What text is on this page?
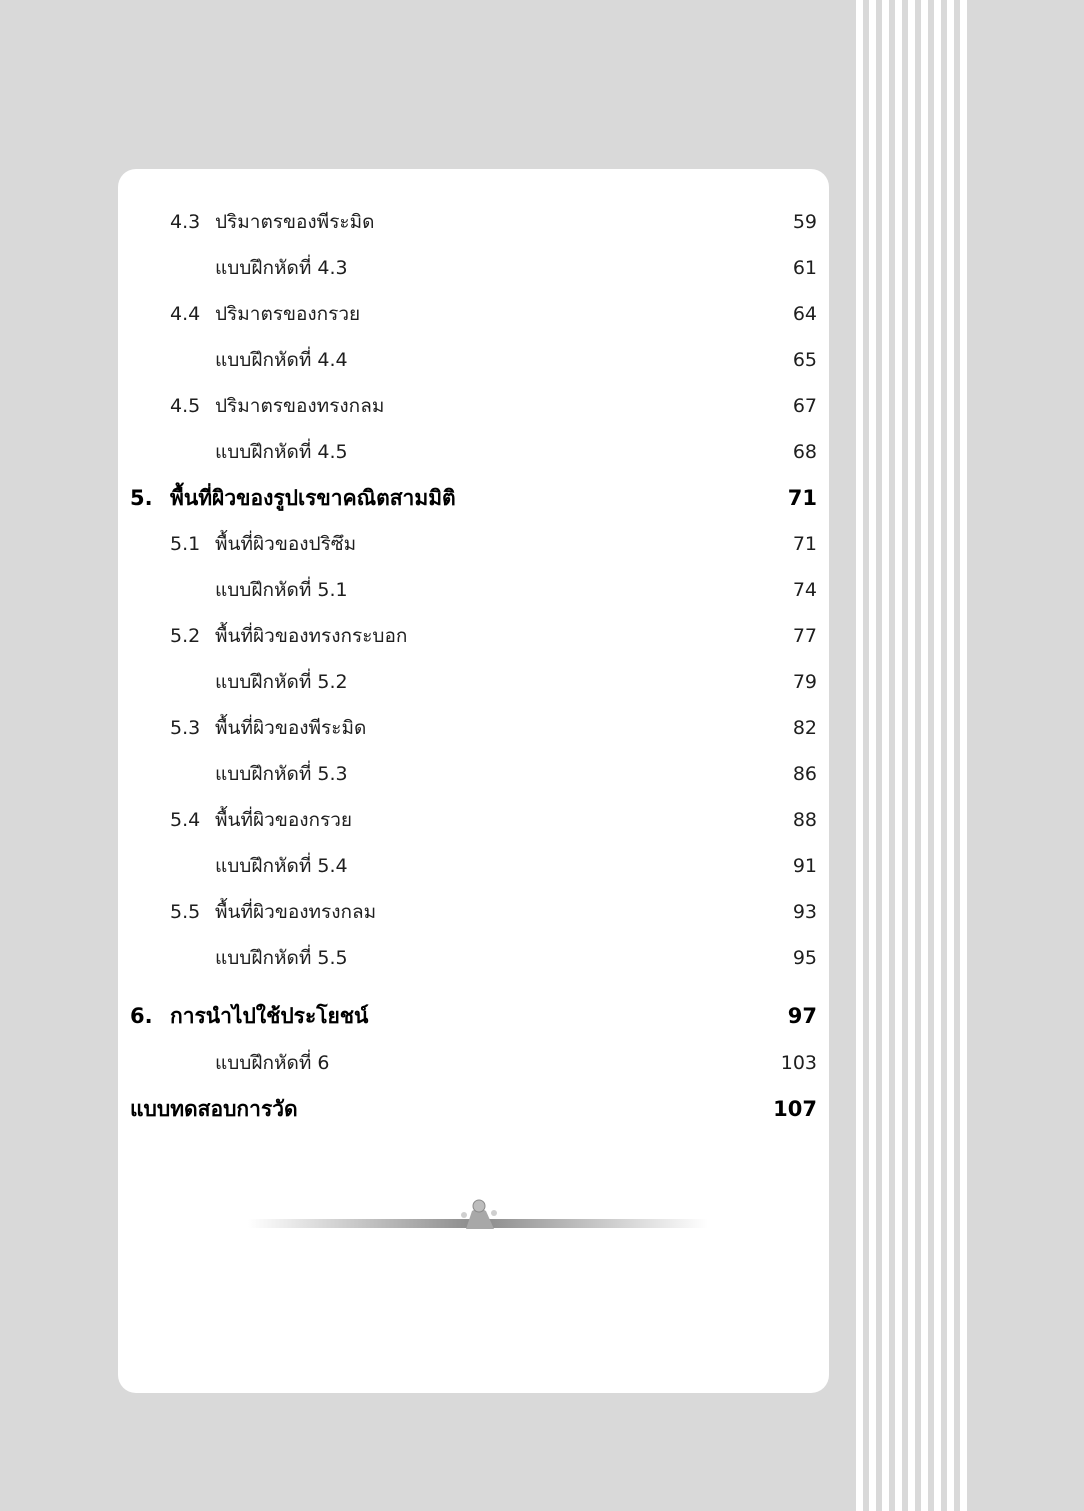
4.3 ปริมาตรของพีระมิด	59
แบบฝึกหัดที่ 4.3	61
4.4 ปริมาตรของกรวย	64
แบบฝึกหัดที่ 4.4	65
4.5 ปริมาตรของทรงกลม	67
แบบฝึกหัดที่ 4.5	68
5. พื้นที่ผิวของรูปเรขาคณิตสามมิติ	71
5.1 พื้นที่ผิวของปริซึม	71
แบบฝึกหัดที่ 5.1	74
5.2 พื้นที่ผิวของทรงกระบอก	77
แบบฝึกหัดที่ 5.2	79
5.3 พื้นที่ผิวของพีระมิด	82
แบบฝึกหัดที่ 5.3	86
5.4 พื้นที่ผิวของกรวย	88
แบบฝึกหัดที่ 5.4	91
5.5 พื้นที่ผิวของทรงกลม	93
แบบฝึกหัดที่ 5.5	95
6. การนำไปใช้ประโยชน์	97
แบบฝึกหัดที่ 6	103
แบบทดสอบการวัด	107
